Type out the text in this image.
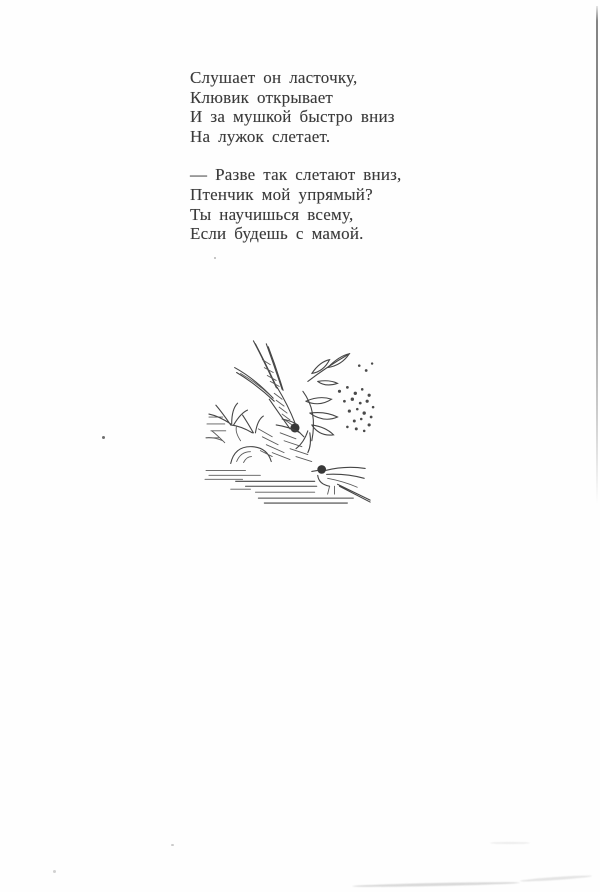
Слушает он ласточку,

Клювик открывает

И за мушкой быстро вниз

На лужок слетает.

— Разве так слетают вниз,

Птенчик мой упрямый?

Ты научишься всему,

Если будешь с мамой.
